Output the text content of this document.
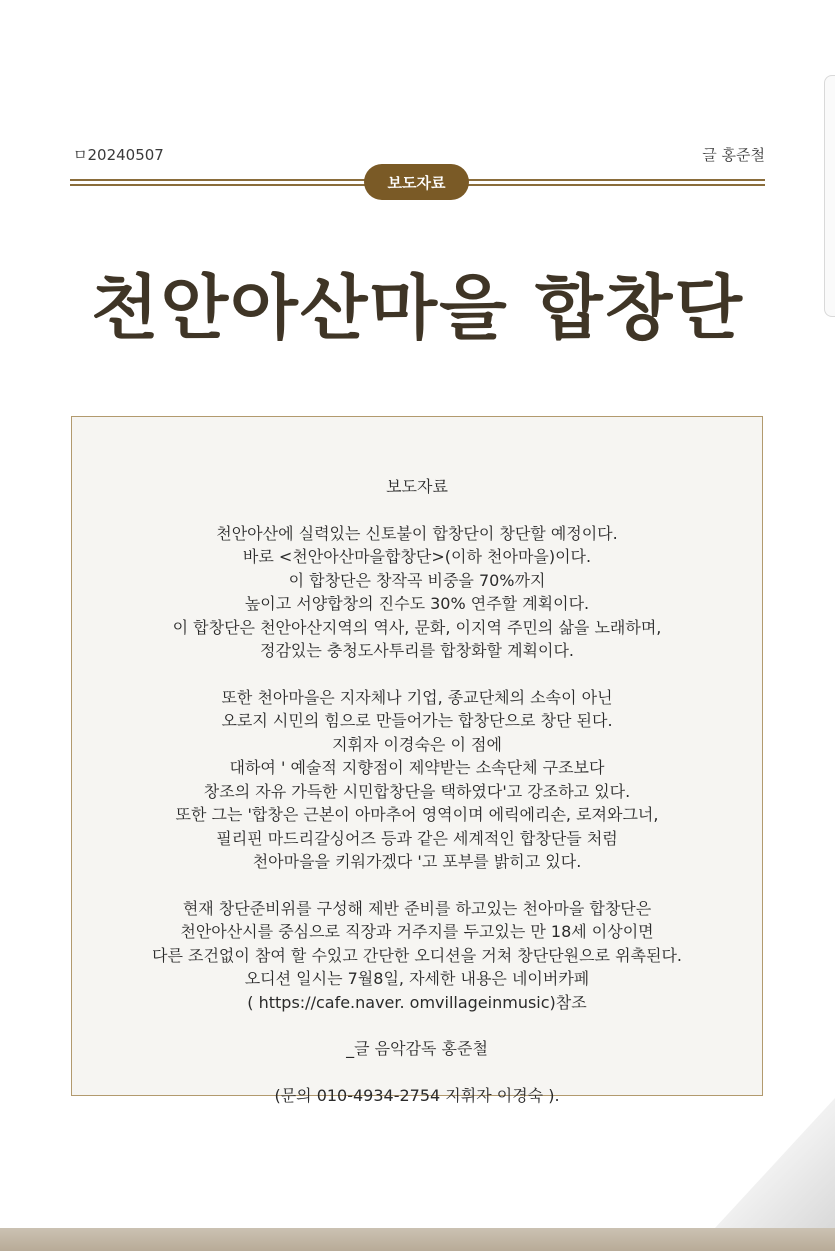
ㅁ20240507	글 홍준철
보도자료
천안아산마을 합창단

보도자료

천안아산에 실력있는 신토불이 합창단이 창단할 예정이다.
바로 <천안아산마을합창단>(이하 천아마을)이다.
이 합창단은 창작곡 비중을 70%까지
높이고 서양합창의 진수도 30% 연주할 계획이다.
이 합창단은 천안아산지역의 역사, 문화, 이지역 주민의 삶을 노래하며,
정감있는 충청도사투리를 합창화할 계획이다.

또한 천아마을은 지자체나 기업, 종교단체의 소속이 아닌
오로지 시민의 힘으로 만들어가는 합창단으로 창단 된다.
지휘자 이경숙은 이 점에
대하여 ' 예술적 지향점이 제약받는 소속단체 구조보다
창조의 자유 가득한 시민합창단을 택하였다'고 강조하고 있다.
또한 그는 '합창은 근본이 아마추어 영역이며 에릭에리손, 로져와그너,
필리핀 마드리갈싱어즈 등과 같은 세계적인 합창단들 처럼
천아마을을 키워가겠다 '고 포부를 밝히고 있다.

현재 창단준비위를 구성해 제반 준비를 하고있는 천아마을 합창단은
천안아산시를 중심으로 직장과 거주지를 두고있는 만 18세 이상이면
다른 조건없이 참여 할 수있고 간단한 오디션을 거쳐 창단단원으로 위촉된다.
오디션 일시는 7월8일, 자세한 내용은 네이버카페
( https://cafe.naver. omvillageinmusic)참조

_글 음악감독 홍준철

(문의 010-4934-2754 지휘자 이경숙 ).
